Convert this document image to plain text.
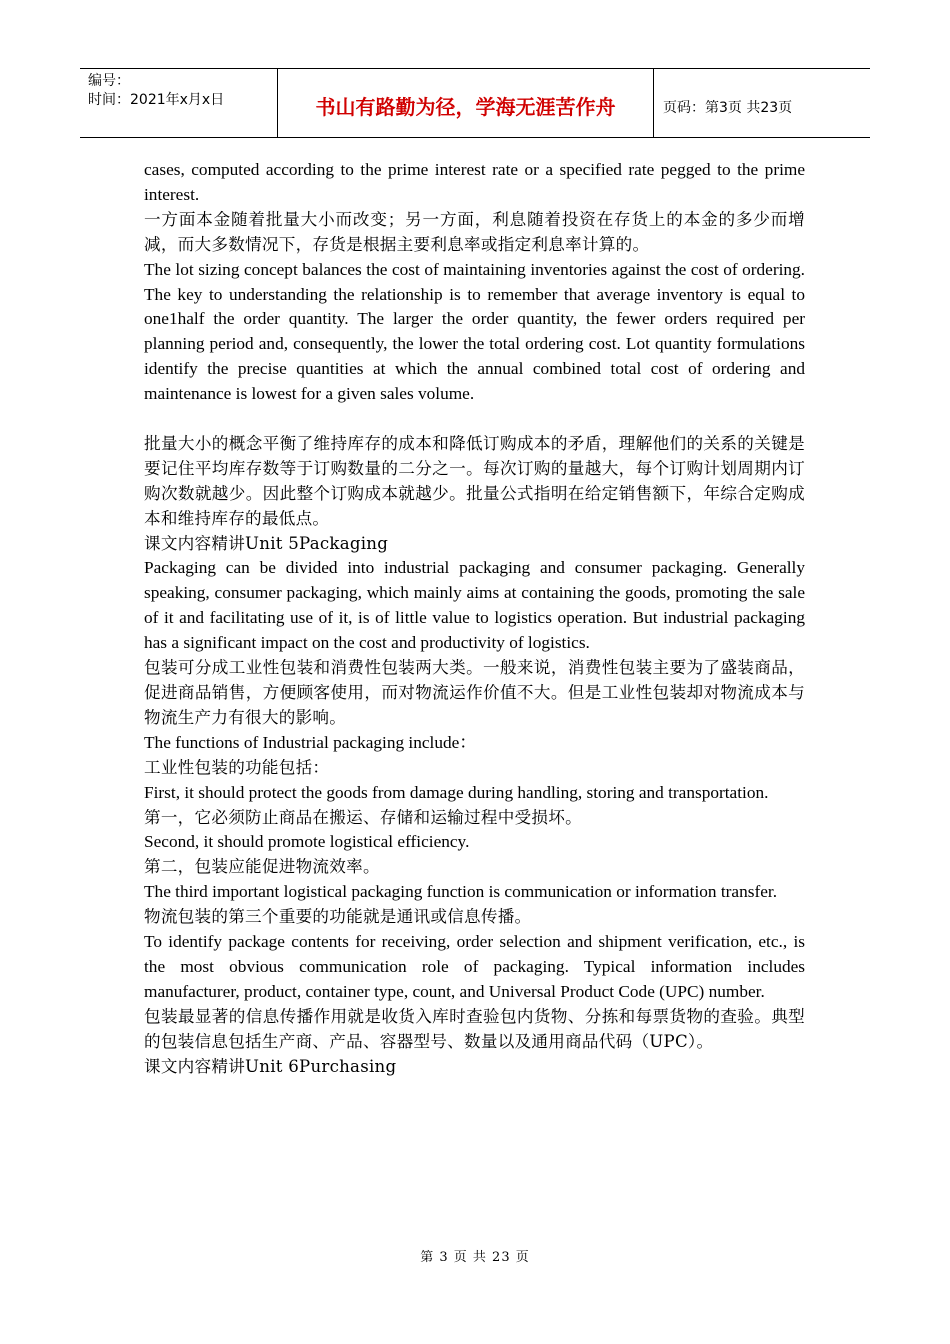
编号：
时间：2021年x月x日	书山有路勤为径，学海无涯苦作舟	页码：第3页 共23页

cases, computed according to the prime interest rate or a specified rate pegged to the prime interest.

一方面本金随着批量大小而改变；另一方面，利息随着投资在存货上的本金的多少而增减，而大多数情况下，存货是根据主要利息率或指定利息率计算的。

The lot sizing concept balances the cost of maintaining inventories against the cost of ordering. The key to understanding the relationship is to remember that average inventory is equal to one1half the order quantity. The larger the order quantity, the fewer orders required per planning period and, consequently, the lower the total ordering cost. Lot quantity formulations identify the precise quantities at which the annual combined total cost of ordering and maintenance is lowest for a given sales volume.

批量大小的概念平衡了维持库存的成本和降低订购成本的矛盾，理解他们的关系的关键是要记住平均库存数等于订购数量的二分之一。每次订购的量越大，每个订购计划周期内订购次数就越少。因此整个订购成本就越少。批量公式指明在给定销售额下，年综合定购成本和维持库存的最低点。

课文内容精讲Unit 5Packaging

Packaging can be divided into industrial packaging and consumer packaging. Generally speaking, consumer packaging, which mainly aims at containing the goods, promoting the sale of it and facilitating use of it, is of little value to logistics operation. But industrial packaging has a significant impact on the cost and productivity of logistics.

包装可分成工业性包装和消费性包装两大类。一般来说，消费性包装主要为了盛装商品，促进商品销售，方便顾客使用，而对物流运作价值不大。但是工业性包装却对物流成本与物流生产力有很大的影响。

The functions of Industrial packaging include：

工业性包装的功能包括：

First, it should protect the goods from damage during handling, storing and transportation.

第一，它必须防止商品在搬运、存储和运输过程中受损坏。

Second, it should promote logistical efficiency.

第二，包装应能促进物流效率。

The third important logistical packaging function is communication or information transfer.

物流包装的第三个重要的功能就是通讯或信息传播。

To identify package contents for receiving, order selection and shipment verification, etc., is the most obvious communication role of packaging. Typical information includes manufacturer, product, container type, count, and Universal Product Code (UPC) number.

包装最显著的信息传播作用就是收货入库时查验包内货物、分拣和每票货物的查验。典型的包装信息包括生产商、产品、容器型号、数量以及通用商品代码（UPC）。

课文内容精讲Unit 6Purchasing

第 3 页 共 23 页
